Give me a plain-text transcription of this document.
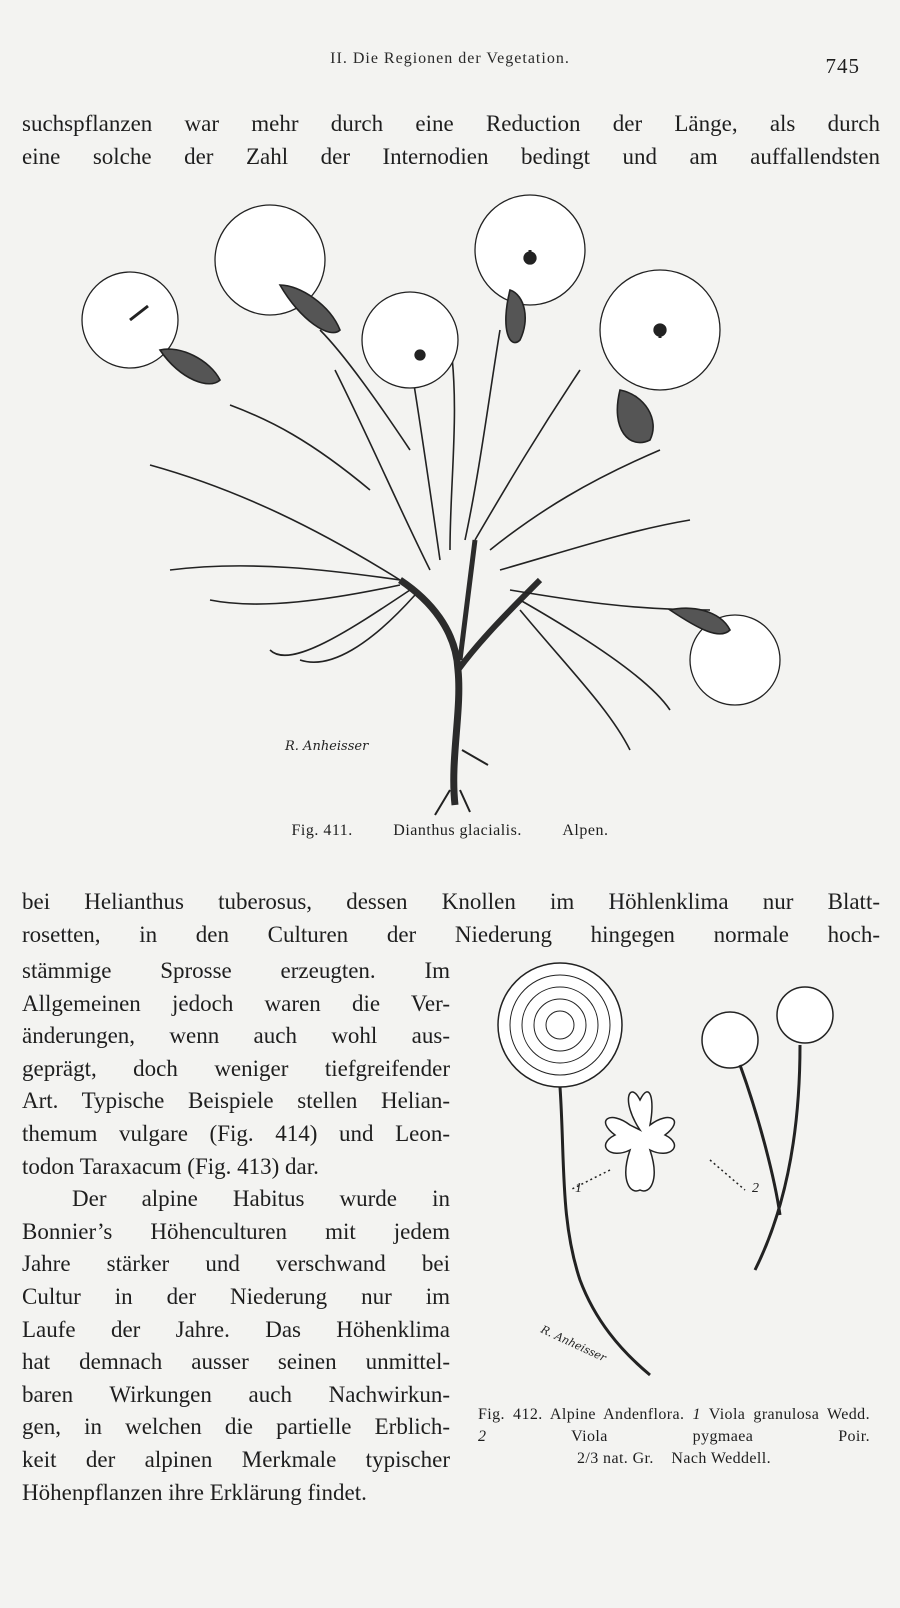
II. Die Regionen der Vegetation.	745
suchspflanzen war mehr durch eine Reduction der Länge, als durch
eine solche der Zahl der Internodien bedingt und am auffallendsten
R. Anheisser
Fig. 411.	Dianthus glacialis.	Alpen.
bei Helianthus tuberosus, dessen Knollen im Höhlenklima nur Blatt-
rosetten, in den Culturen der Niederung hingegen normale hoch-
stämmige Sprosse erzeugten. Im
Allgemeinen jedoch waren die Ver-
änderungen, wenn auch wohl aus-
geprägt, doch weniger tiefgreifender
Art. Typische Beispiele stellen Helian-
themum vulgare (Fig. 414) und Leon-
todon Taraxacum (Fig. 413) dar.
Der alpine Habitus wurde in
Bonnier’s Höhenculturen mit jedem
Jahre stärker und verschwand bei
Cultur in der Niederung nur im
Laufe der Jahre. Das Höhenklima
hat demnach ausser seinen unmittel-
baren Wirkungen auch Nachwirkun-
gen, in welchen die partielle Erblich-
keit der alpinen Merkmale typischer
Höhenpflanzen ihre Erklärung findet.
1	2
R. Anheisser
Fig. 412. Alpine Andenflora. 1 Viola granulosa Wedd.
2	Viola pygmaea Poir.
2/3 nat. Gr. Nach Weddell.
